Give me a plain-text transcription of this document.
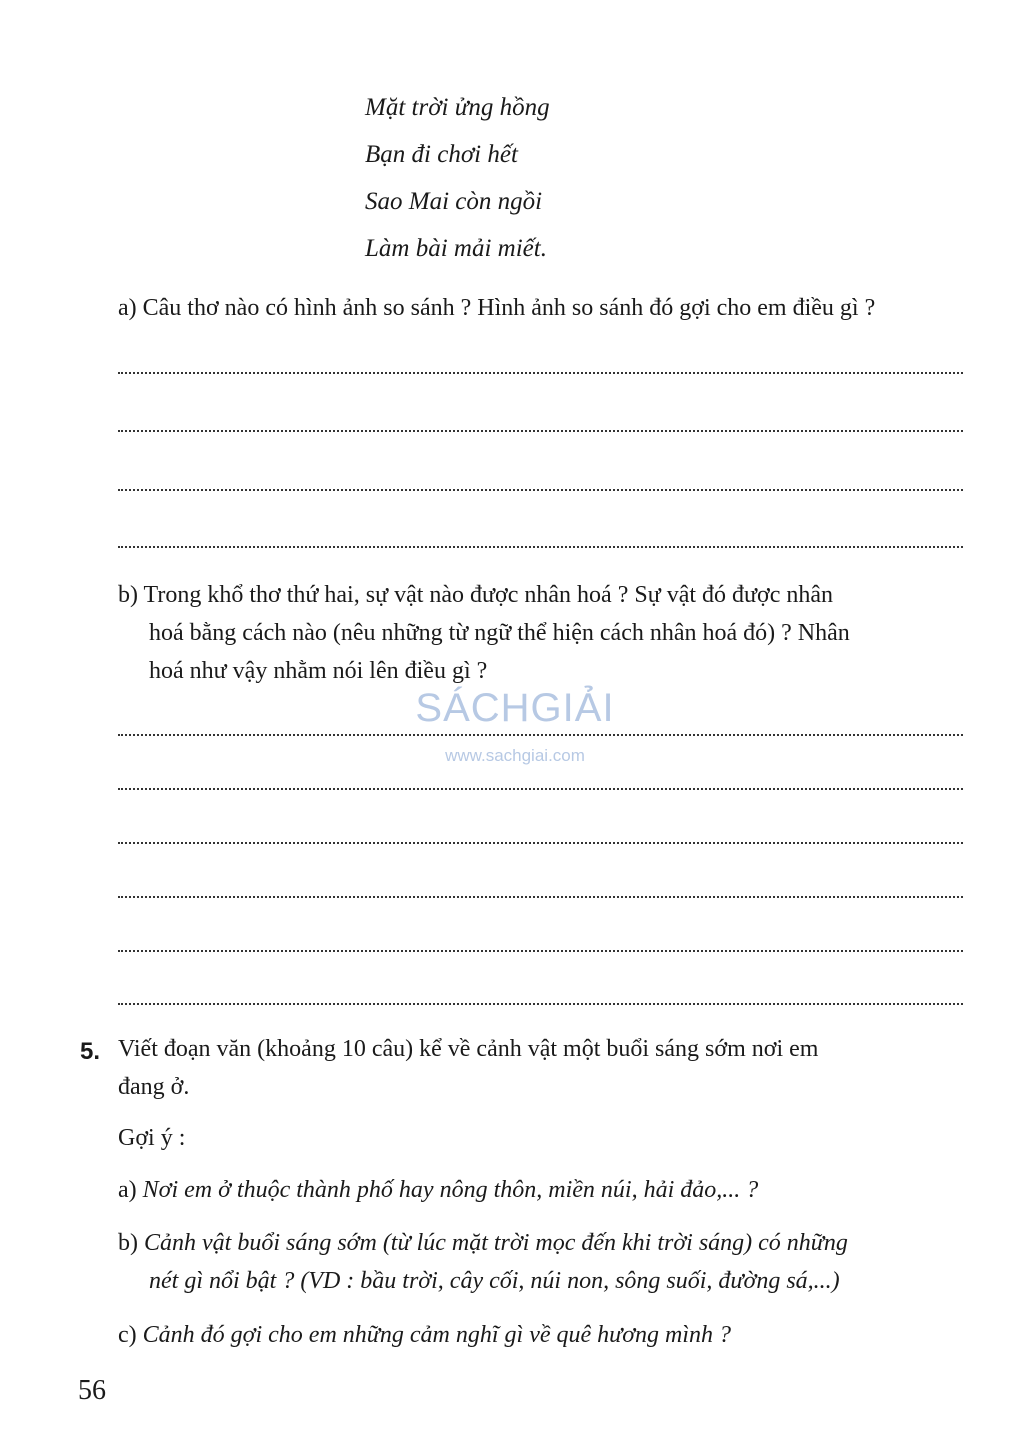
Mặt trời ửng hồng
Bạn đi chơi hết
Sao Mai còn ngồi
Làm bài mải miết.
a) Câu thơ nào có hình ảnh so sánh ? Hình ảnh so sánh đó gợi cho em điều gì ?
b) Trong khổ thơ thứ hai, sự vật nào được nhân hoá ? Sự vật đó được nhân
hoá bằng cách nào (nêu những từ ngữ thể hiện cách nhân hoá đó) ? Nhân
hoá như vậy nhằm nói lên điều gì ?
SÁCHGIẢI
www.sachgiai.com
5. Viết đoạn văn (khoảng 10 câu) kể về cảnh vật một buổi sáng sớm nơi em
đang ở.
Gợi ý :
a) Nơi em ở thuộc thành phố hay nông thôn, miền núi, hải đảo,... ?
b) Cảnh vật buổi sáng sớm (từ lúc mặt trời mọc đến khi trời sáng) có những
nét gì nổi bật ? (VD : bầu trời, cây cối, núi non, sông suối, đường sá,...)
c) Cảnh đó gợi cho em những cảm nghĩ gì về quê hương mình ?
56
